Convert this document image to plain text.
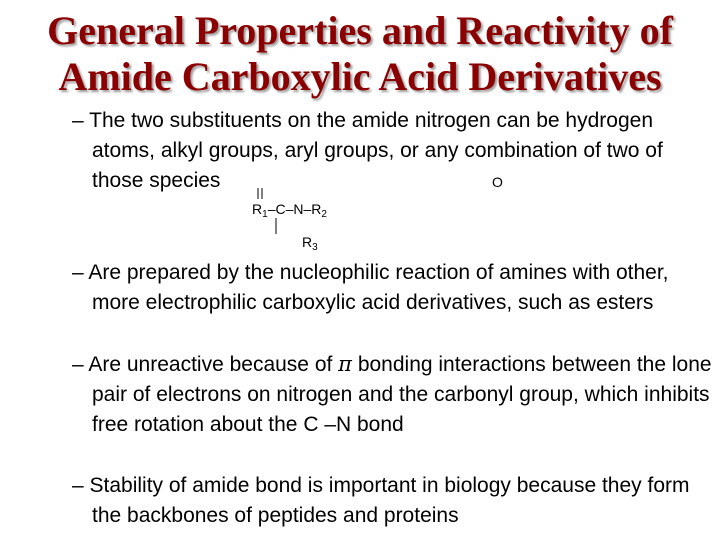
General Properties and Reactivity of
Amide Carboxylic Acid Derivatives
– The two substituents on the amide nitrogen can be hydrogen atoms, alkyl groups, aryl groups, or any combination of two of those species	O
$R_1-C-N-R_2$
$R_3$
– Are prepared by the nucleophilic reaction of amines with other, more electrophilic carboxylic acid derivatives, such as esters
– Are unreactive because of π bonding interactions between the lone pair of electrons on nitrogen and the carbonyl group, which inhibits free rotation about the C –N bond
– Stability of amide bond is important in biology because they form the backbones of peptides and proteins
